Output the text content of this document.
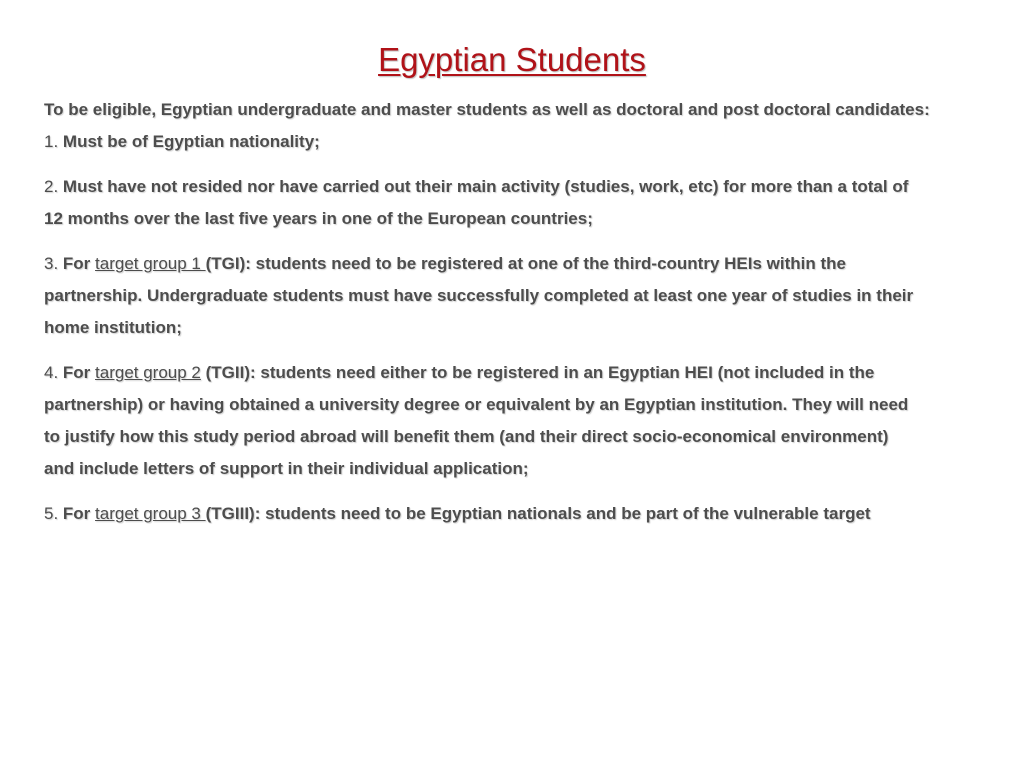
Egyptian Students

To be eligible, Egyptian undergraduate and master students as well as doctoral and post doctoral candidates:

1. Must be of Egyptian nationality;

2. Must have not resided nor have carried out their main activity (studies, work, etc) for more than a total of

12 months over the last five years in one of the European countries;

3. For target group 1 (TGI): students need to be registered at one of the third-country HEIs within the

partnership. Undergraduate students must have successfully completed at least one year of studies in their

home institution;

4. For target group 2 (TGII): students need either to be registered in an Egyptian HEI (not included in the

partnership) or having obtained a university degree or equivalent by an Egyptian institution. They will need

to justify how this study period abroad will benefit them (and their direct socio-economical environment)

and include letters of support in their individual application;

5. For target group 3 (TGIII): students need to be Egyptian nationals and be part of the vulnerable target
